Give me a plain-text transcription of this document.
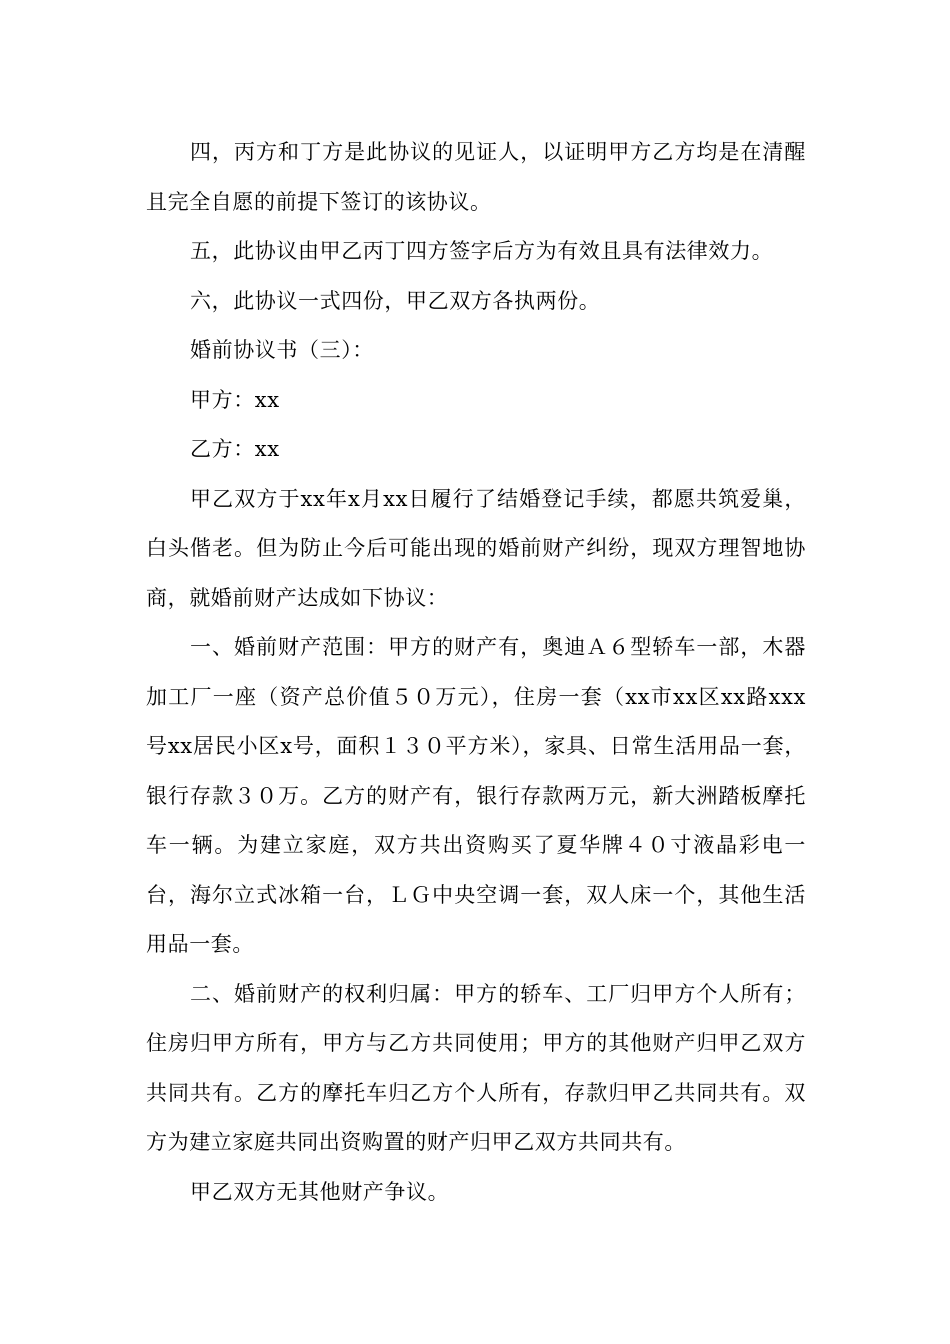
四，丙方和丁方是此协议的见证人，以证明甲方乙方均是在清醒且完全自愿的前提下签订的该协议。

五，此协议由甲乙丙丁四方签字后方为有效且具有法律效力。

六，此协议一式四份，甲乙双方各执两份。

婚前协议书（三）：

甲方：xx

乙方：xx

甲乙双方于xx年x月xx日履行了结婚登记手续，都愿共筑爱巢，白头偕老。但为防止今后可能出现的婚前财产纠纷，现双方理智地协商，就婚前财产达成如下协议：

一、婚前财产范围：甲方的财产有，奥迪Ａ６型轿车一部，木器加工厂一座（资产总价值５０万元），住房一套（xx市xx区xx路xxx号xx居民小区x号，面积１３０平方米），家具、日常生活用品一套，银行存款３０万。乙方的财产有，银行存款两万元，新大洲踏板摩托车一辆。为建立家庭，双方共出资购买了夏华牌４０寸液晶彩电一台，海尔立式冰箱一台，ＬＧ中央空调一套，双人床一个，其他生活用品一套。

二、婚前财产的权利归属：甲方的轿车、工厂归甲方个人所有；住房归甲方所有，甲方与乙方共同使用；甲方的其他财产归甲乙双方共同共有。乙方的摩托车归乙方个人所有，存款归甲乙共同共有。双方为建立家庭共同出资购置的财产归甲乙双方共同共有。

甲乙双方无其他财产争议。
